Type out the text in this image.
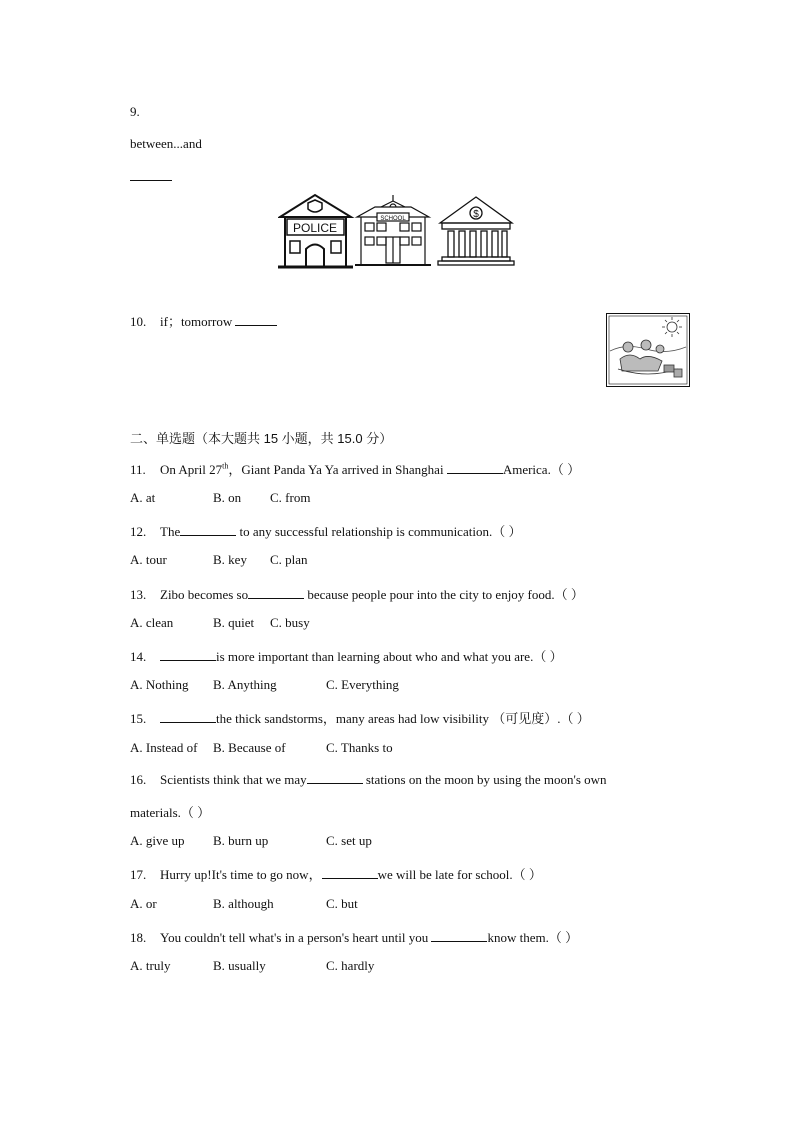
9.
between...and
POLICE
SCHOOL	$
10. if；tomorrow
二、单选题（本大题共 15 小题，共 15.0 分）
11. On April 27th，Giant Panda Ya Ya arrived in Shanghai	America.（ ）
A. at	B. on C. from
12. The	to any successful relationship is communication.（ ）
A. tour	B. key C. plan
13. Zibo becomes so	because people pour into the city to enjoy food.（ ）
A. clean	B. quiet C. busy
14.	is more important than learning about who and what you are.（ ）
A. Nothing B. Anything	C. Everything
15.	the thick sandstorms，many areas had low visibility （可见度）.（ ）
A. Instead of B. Because of	C. Thanks to
16. Scientists think that we may	stations on the moon by using the moon's own
materials.（ ）
A. give up B. burn up	C. set up
17. Hurry up!It's time to go now，	we will be late for school.（ ）
A. or	B. although	C. but
18. You couldn't tell what's in a person's heart until you	know them.（ ）
A. truly	B. usually	C. hardly
